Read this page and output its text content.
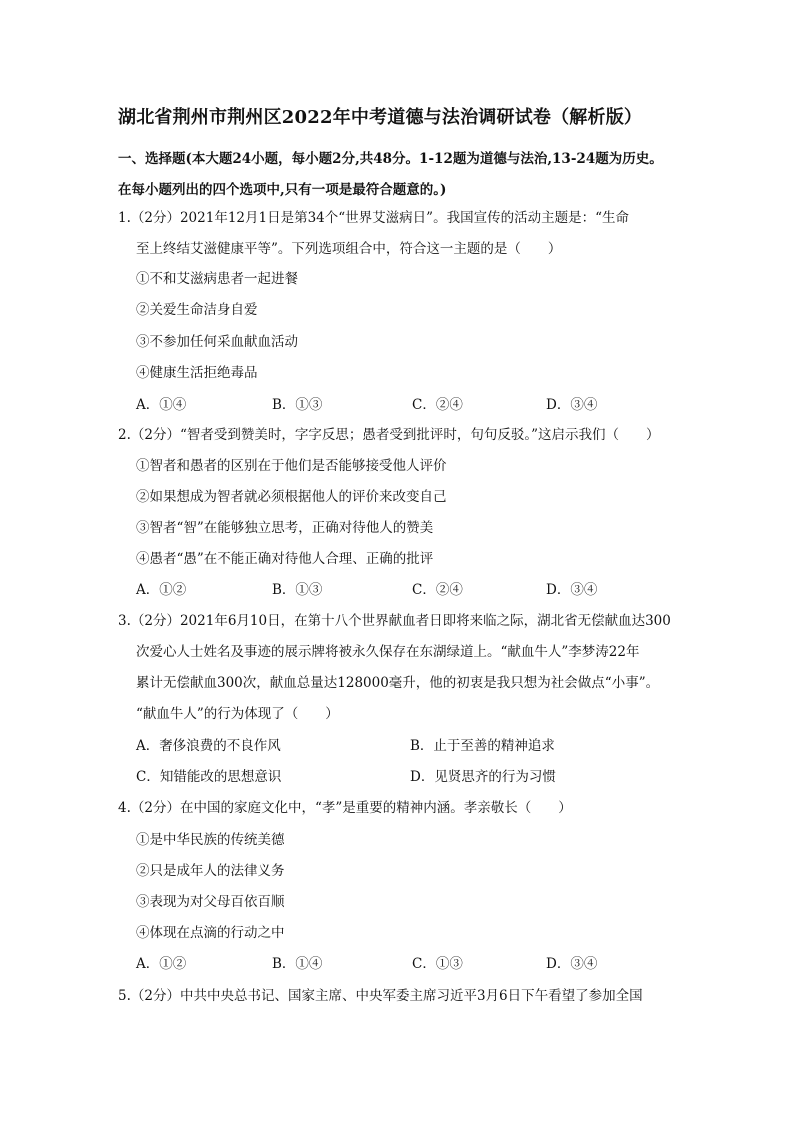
湖北省荆州市荆州区2022年中考道德与法治调研试卷（解析版）
一、选择题(本大题24小题，每小题2分,共48分。1-12题为道德与法治,13-24题为历史。
在每小题列出的四个选项中,只有一项是最符合题意的。)
1.（2分）2021年12月1日是第34个“世界艾滋病日”。我国宣传的活动主题是：“生命
至上终结艾滋健康平等”。下列选项组合中，符合这一主题的是（　　）
①不和艾滋病患者一起进餐
②关爱生命洁身自爱
③不参加任何采血献血活动
④健康生活拒绝毒品
A．①④	B．①③	C．②④	D．③④
2.（2分）“智者受到赞美时，字字反思；愚者受到批评时，句句反驳。”这启示我们（　　）
①智者和愚者的区别在于他们是否能够接受他人评价
②如果想成为智者就必须根据他人的评价来改变自己
③智者“智”在能够独立思考，正确对待他人的赞美
④愚者“愚”在不能正确对待他人合理、正确的批评
A．①②	B．①③	C．②④	D．③④
3.（2分）2021年6月10日，在第十八个世界献血者日即将来临之际，湖北省无偿献血达300
次爱心人士姓名及事迹的展示牌将被永久保存在东湖绿道上。“献血牛人”李梦涛22年
累计无偿献血300次，献血总量达128000毫升，他的初衷是我只想为社会做点“小事”。
“献血牛人”的行为体现了（　　）
A．奢侈浪费的不良作风	B．止于至善的精神追求
C．知错能改的思想意识	D．见贤思齐的行为习惯
4.（2分）在中国的家庭文化中，“孝”是重要的精神内涵。孝亲敬长（　　）
①是中华民族的传统美德
②只是成年人的法律义务
③表现为对父母百依百顺
④体现在点滴的行动之中
A．①②	B．①④	C．①③	D．③④
5.（2分）中共中央总书记、国家主席、中央军委主席习近平3月6日下午看望了参加全国
